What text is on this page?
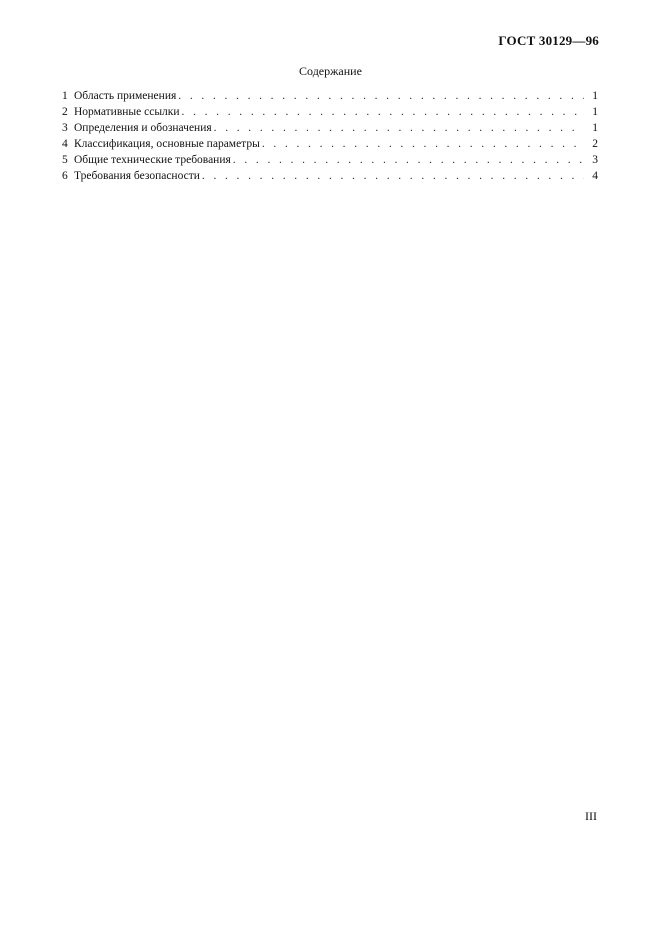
ГОСТ 30129—96
Содержание
1 Область применения . . .	1
2 Нормативные ссылки . . .	1
3 Определения и обозначения . . .	1
4 Классификация, основные параметры . . .	2
5 Общие технические требования . . .	3
6 Требования безопасности . . .	4
III
